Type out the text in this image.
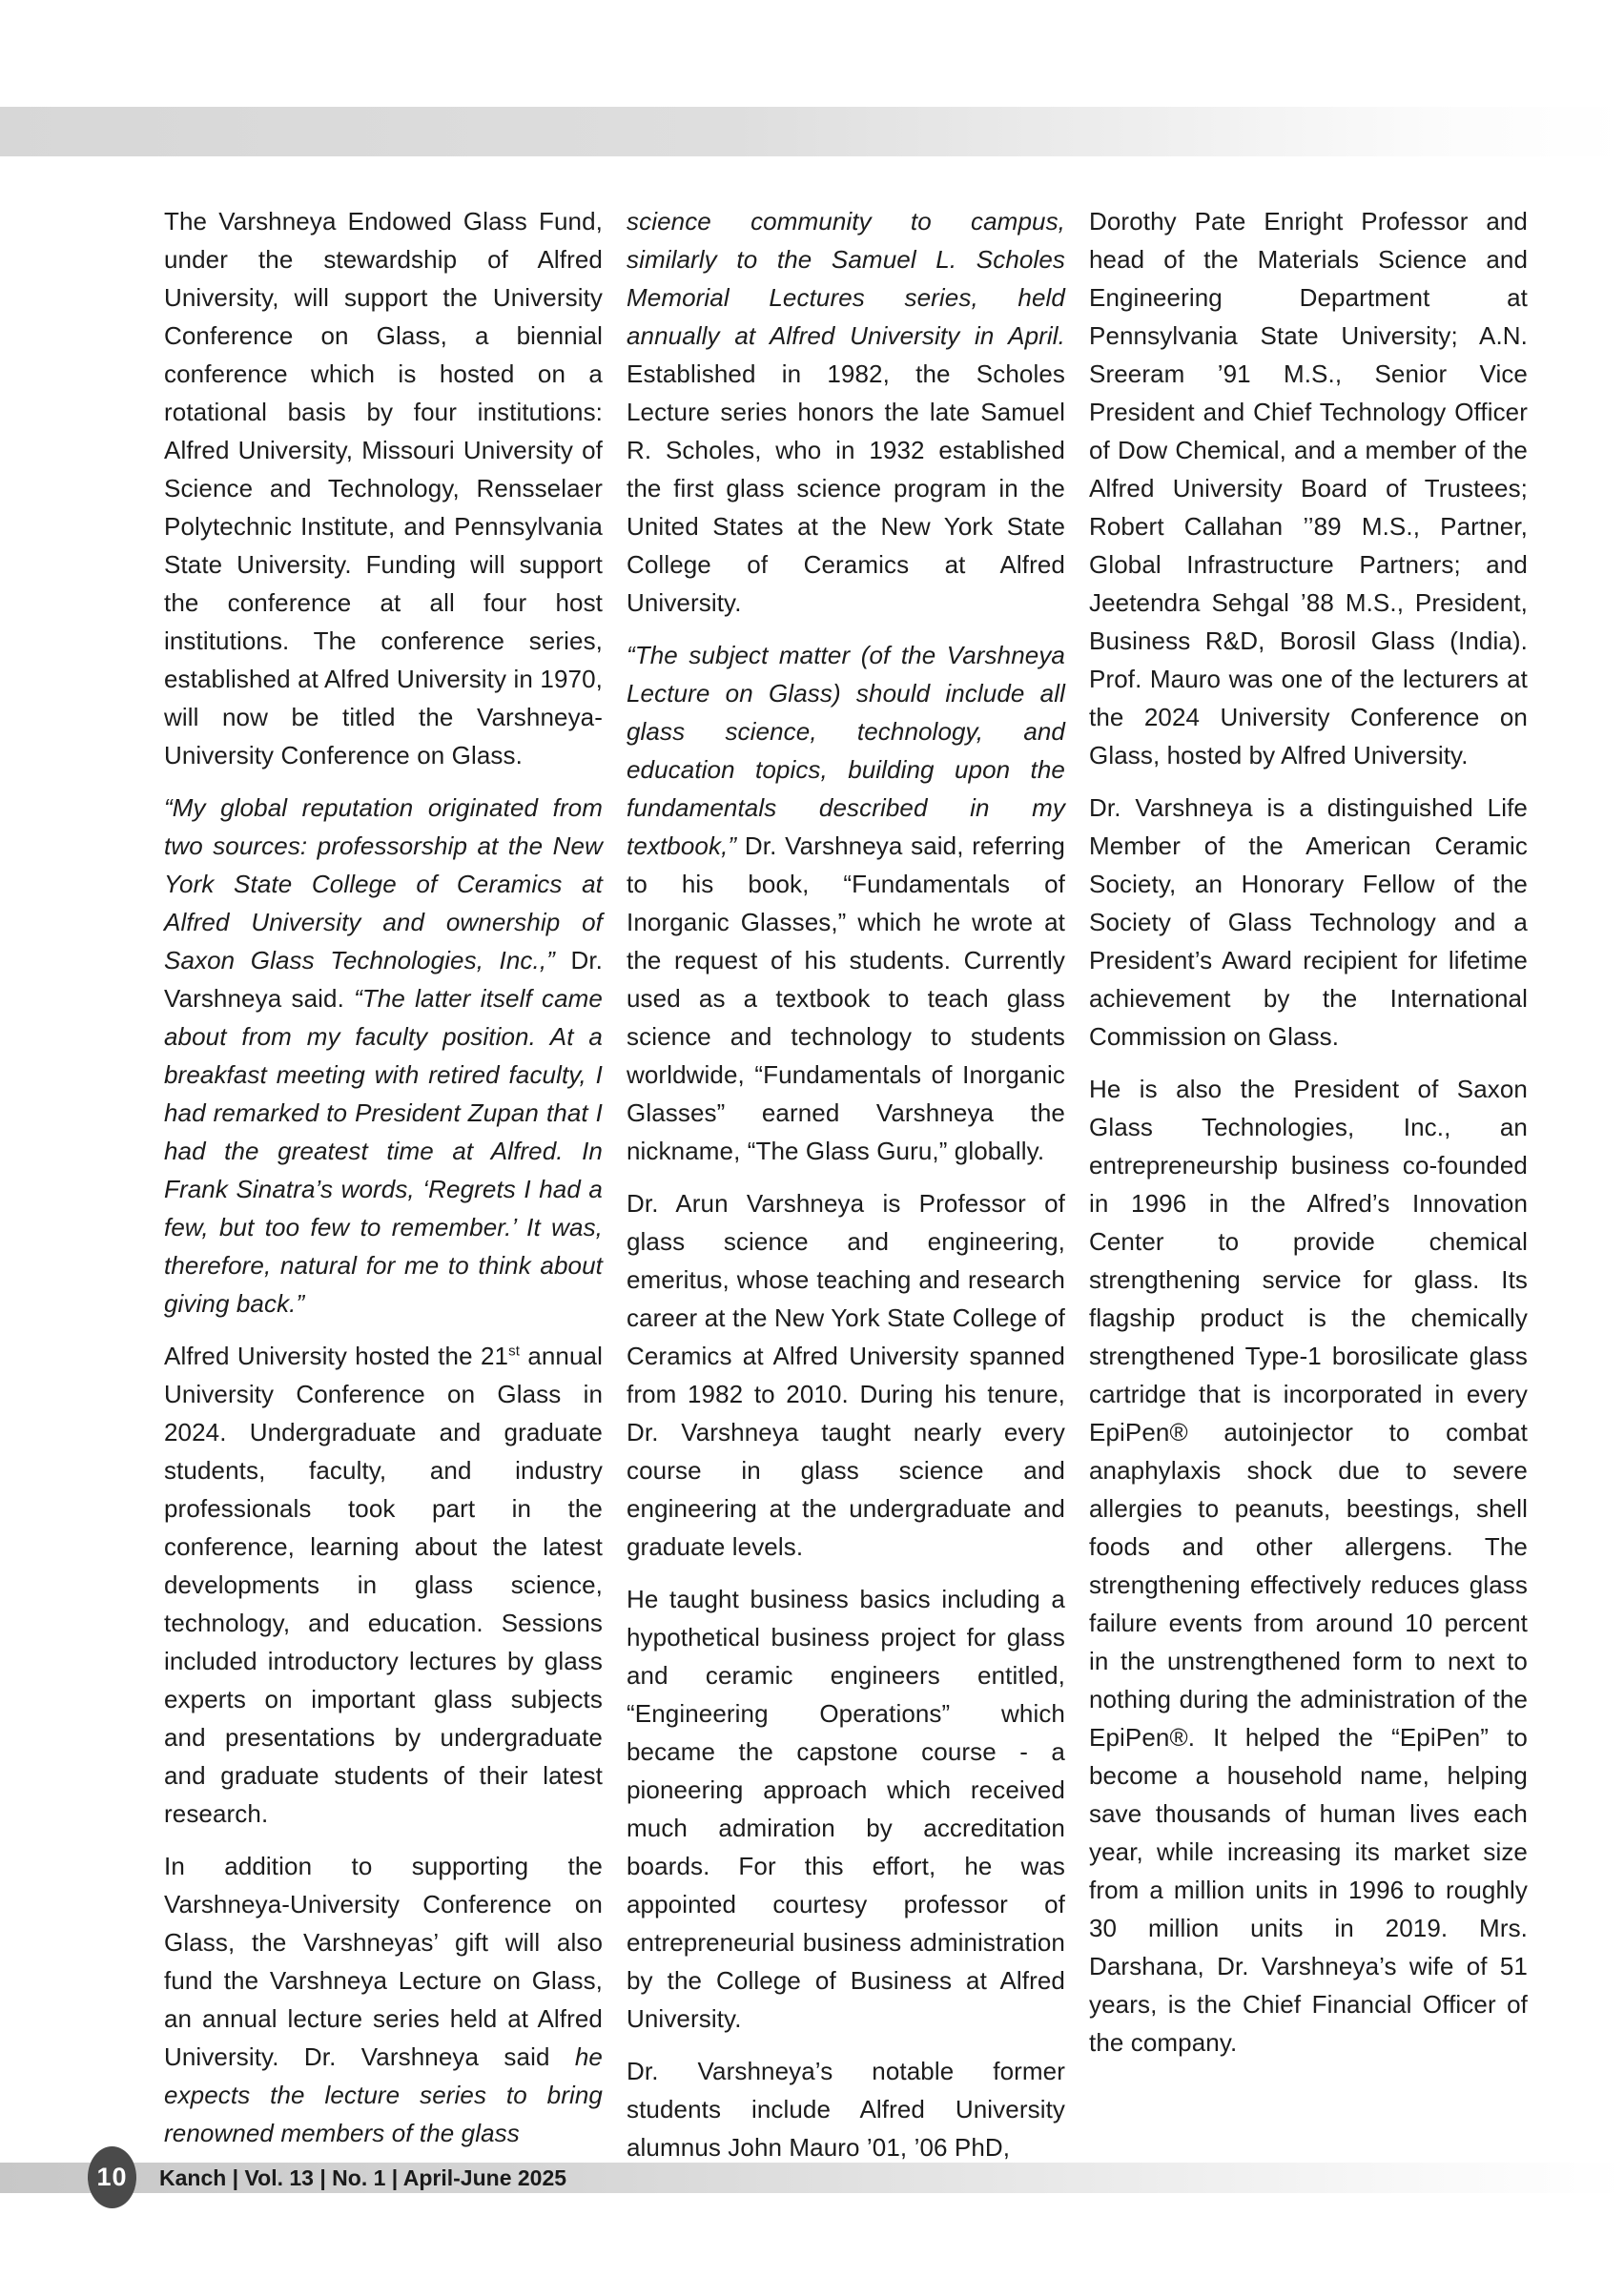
The Varshneya Endowed Glass Fund, under the stewardship of Alfred University, will support the University Conference on Glass, a biennial conference which is hosted on a rotational basis by four institutions: Alfred University, Missouri University of Science and Technology, Rensselaer Polytechnic Institute, and Pennsylvania State University. Funding will support the conference at all four host institutions. The conference series, established at Alfred University in 1970, will now be titled the Varshneya-University Conference on Glass.

“My global reputation originated from two sources: professorship at the New York State College of Ceramics at Alfred University and ownership of Saxon Glass Technologies, Inc.,” Dr. Varshneya said. “The latter itself came about from my faculty position. At a breakfast meeting with retired faculty, I had remarked to President Zupan that I had the greatest time at Alfred. In Frank Sinatra’s words, ‘Regrets I had a few, but too few to remember.’ It was, therefore, natural for me to think about giving back.”

Alfred University hosted the 21st annual University Conference on Glass in 2024. Undergraduate and graduate students, faculty, and industry professionals took part in the conference, learning about the latest developments in glass science, technology, and education. Sessions included introductory lectures by glass experts on important glass subjects and presentations by undergraduate and graduate students of their latest research.

In addition to supporting the Varshneya-University Conference on Glass, the Varshneyas’ gift will also fund the Varshneya Lecture on Glass, an annual lecture series held at Alfred University. Dr. Varshneya said he expects the lecture series to bring renowned members of the glass

science community to campus, similarly to the Samuel L. Scholes Memorial Lectures series, held annually at Alfred University in April. Established in 1982, the Scholes Lecture series honors the late Samuel R. Scholes, who in 1932 established the first glass science program in the United States at the New York State College of Ceramics at Alfred University.

“The subject matter (of the Varshneya Lecture on Glass) should include all glass science, technology, and education topics, building upon the fundamentals described in my textbook,” Dr. Varshneya said, referring to his book, “Fundamentals of Inorganic Glasses,” which he wrote at the request of his students. Currently used as a textbook to teach glass science and technology to students worldwide, “Fundamentals of Inorganic Glasses” earned Varshneya the nickname, “The Glass Guru,” globally.

Dr. Arun Varshneya is Professor of glass science and engineering, emeritus, whose teaching and research career at the New York State College of Ceramics at Alfred University spanned from 1982 to 2010. During his tenure, Dr. Varshneya taught nearly every course in glass science and engineering at the undergraduate and graduate levels.

He taught business basics including a hypothetical business project for glass and ceramic engineers entitled, “Engineering Operations” which became the capstone course - a pioneering approach which received much admiration by accreditation boards. For this effort, he was appointed courtesy professor of entrepreneurial business administration by the College of Business at Alfred University.

Dr. Varshneya’s notable former students include Alfred University alumnus John Mauro ’01, ’06 PhD,

Dorothy Pate Enright Professor and head of the Materials Science and Engineering Department at Pennsylvania State University; A.N. Sreeram ’91 M.S., Senior Vice President and Chief Technology Officer of Dow Chemical, and a member of the Alfred University Board of Trustees; Robert Callahan ’’89 M.S., Partner, Global Infrastructure Partners; and Jeetendra Sehgal ’88 M.S., President, Business R&D, Borosil Glass (India). Prof. Mauro was one of the lecturers at the 2024 University Conference on Glass, hosted by Alfred University.

Dr. Varshneya is a distinguished Life Member of the American Ceramic Society, an Honorary Fellow of the Society of Glass Technology and a President’s Award recipient for lifetime achievement by the International Commission on Glass.

He is also the President of Saxon Glass Technologies, Inc., an entrepreneurship business co-founded in 1996 in the Alfred’s Innovation Center to provide chemical strengthening service for glass. Its flagship product is the chemically strengthened Type-1 borosilicate glass cartridge that is incorporated in every EpiPen® autoinjector to combat anaphylaxis shock due to severe allergies to peanuts, beestings, shell foods and other allergens. The strengthening effectively reduces glass failure events from around 10 percent in the unstrengthened form to next to nothing during the administration of the EpiPen®. It helped the “EpiPen” to become a household name, helping save thousands of human lives each year, while increasing its market size from a million units in 1996 to roughly 30 million units in 2019. Mrs. Darshana, Dr. Varshneya’s wife of 51 years, is the Chief Financial Officer of the company.

10 Kanch | Vol. 13 | No. 1 | April-June 2025
